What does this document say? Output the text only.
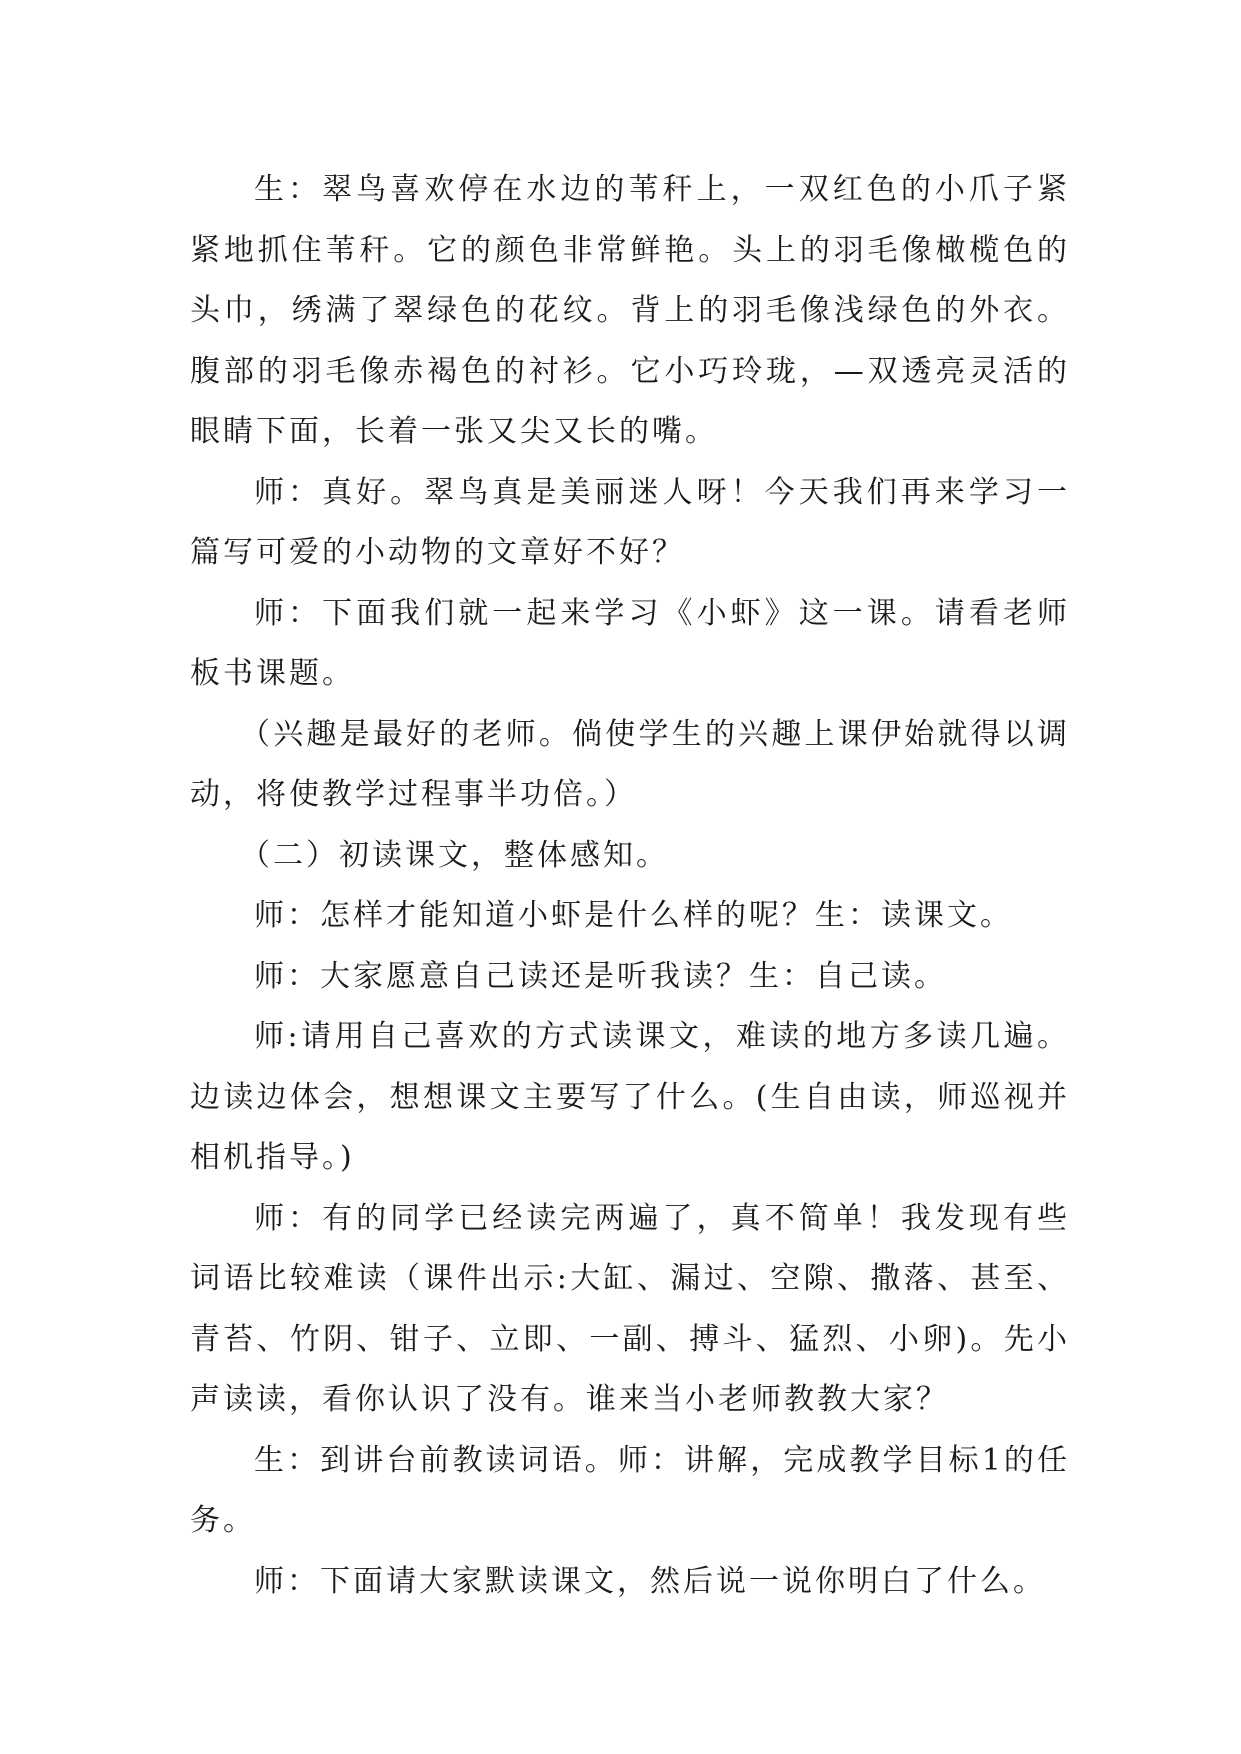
生：翠鸟喜欢停在水边的苇秆上，一双红色的小爪子紧紧地抓住苇秆。它的颜色非常鲜艳。头上的羽毛像橄榄色的头巾，绣满了翠绿色的花纹。背上的羽毛像浅绿色的外衣。腹部的羽毛像赤褐色的衬衫。它小巧玲珑，—双透亮灵活的眼睛下面，长着一张又尖又长的嘴。

师：真好。翠鸟真是美丽迷人呀！今天我们再来学习一篇写可爱的小动物的文章好不好？

师：下面我们就一起来学习《小虾》这一课。请看老师板书课题。

（兴趣是最好的老师。倘使学生的兴趣上课伊始就得以调动，将使教学过程事半功倍。）

（二）初读课文，整体感知。

师：怎样才能知道小虾是什么样的呢？生：读课文。

师：大家愿意自己读还是听我读？生：自己读。

师:请用自己喜欢的方式读课文，难读的地方多读几遍。边读边体会，想想课文主要写了什么。(生自由读，师巡视并相机指导。)

师：有的同学已经读完两遍了，真不简单！我发现有些词语比较难读（课件出示:大缸、漏过、空隙、撒落、甚至、青苔、竹阴、钳子、立即、一副、搏斗、猛烈、小卵)。先小声读读，看你认识了没有。谁来当小老师教教大家？

生：到讲台前教读词语。师：讲解，完成教学目标1的任务。

师：下面请大家默读课文，然后说一说你明白了什么。
